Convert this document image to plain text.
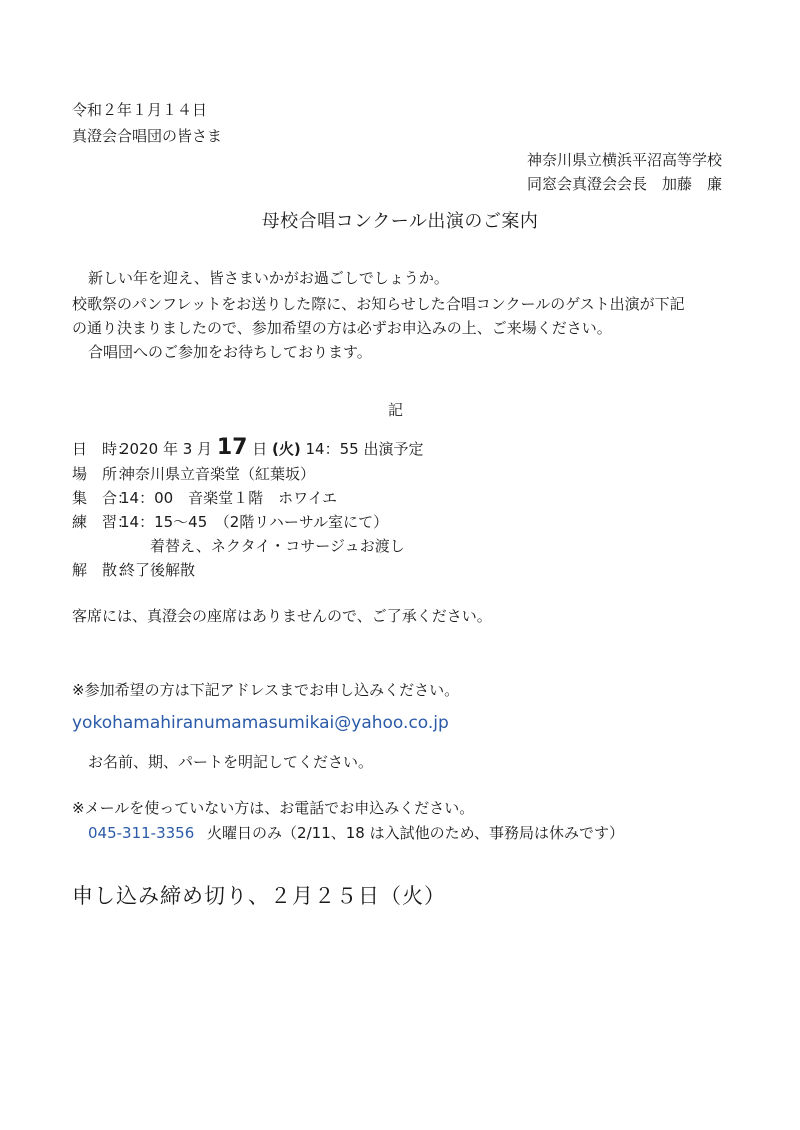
令和２年１月１４日
真澄会合唱団の皆さま
神奈川県立横浜平沼高等学校
同窓会真澄会会長　加藤　廉
母校合唱コンクール出演のご案内
新しい年を迎え、皆さまいかがお過ごしでしょうか。
校歌祭のパンフレットをお送りした際に、お知らせした合唱コンクールのゲスト出演が下記
の通り決まりましたので、参加希望の方は必ずお申込みの上、ご来場ください。
合唱団へのご参加をお待ちしております。
記
日　時：2020 年 3 月 17 日 (火) 14：55 出演予定
場　所：神奈川県立音楽堂（紅葉坂）
集　合：14：00　音楽堂１階　ホワイエ
練　習：14：15～45　（2階リハーサル室にて）
着替え、ネクタイ・コサージュお渡し
解　散：終了後解散
客席には、真澄会の座席はありませんので、ご了承ください。
※参加希望の方は下記アドレスまでお申し込みください。
yokohamahiranumamasumikai@yahoo.co.jp
お名前、期、パートを明記してください。
※メールを使っていない方は、お電話でお申込みください。
045-311-3356 火曜日のみ（2/11、18 は入試他のため、事務局は休みです）
申し込み締め切り、２月２５日（火）
